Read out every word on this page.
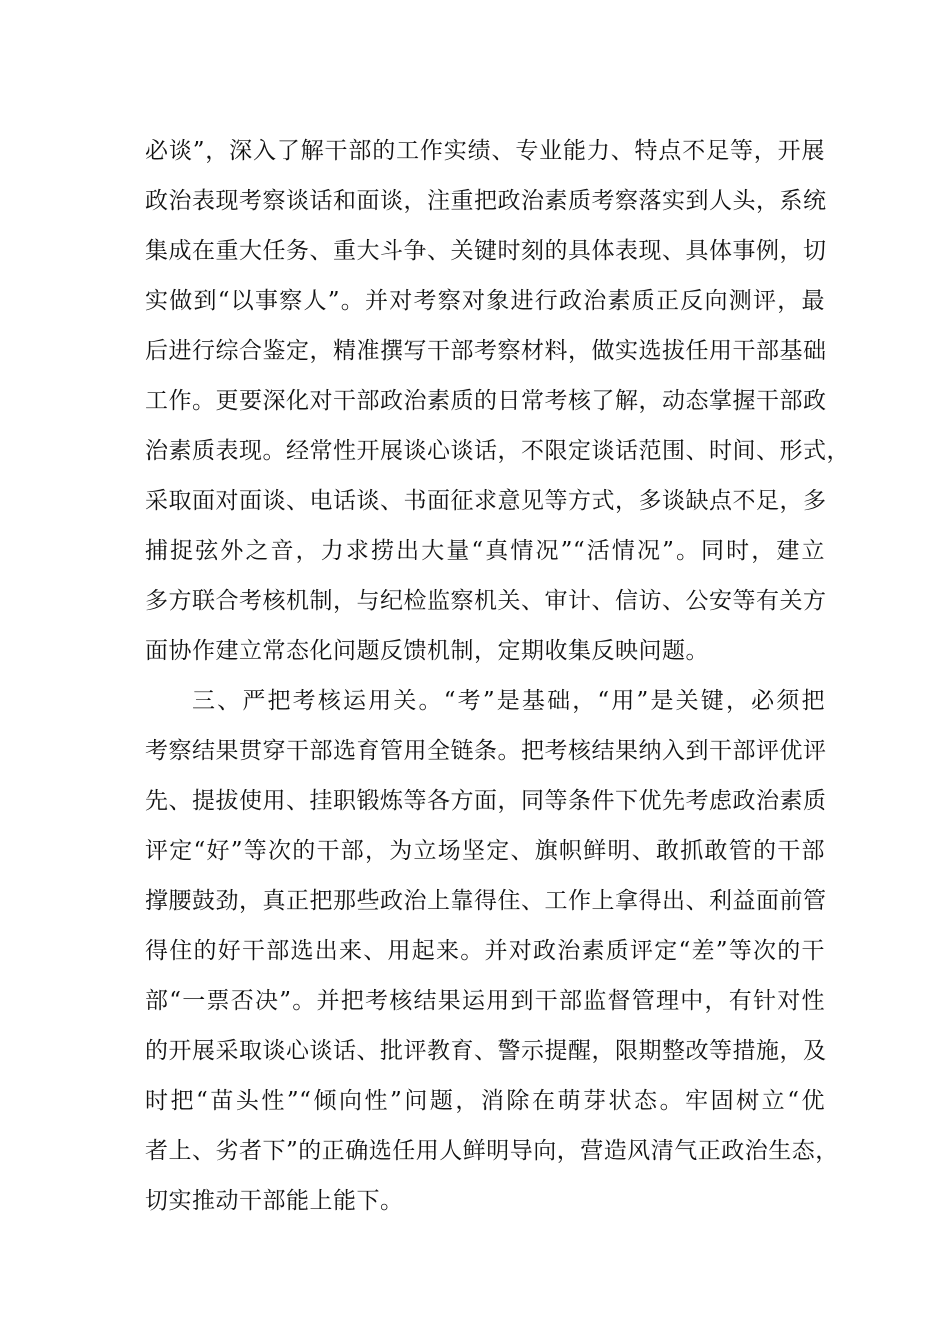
必谈”，深入了解干部的工作实绩、专业能力、特点不足等，开展
政治表现考察谈话和面谈，注重把政治素质考察落实到人头，系统
集成在重大任务、重大斗争、关键时刻的具体表现、具体事例，切
实做到“以事察人”。并对考察对象进行政治素质正反向测评，最
后进行综合鉴定，精准撰写干部考察材料，做实选拔任用干部基础
工作。更要深化对干部政治素质的日常考核了解，动态掌握干部政
治素质表现。经常性开展谈心谈话，不限定谈话范围、时间、形式，
采取面对面谈、电话谈、书面征求意见等方式，多谈缺点不足，多
捕捉弦外之音，力求捞出大量“真情况”“活情况”。同时，建立
多方联合考核机制，与纪检监察机关、审计、信访、公安等有关方
面协作建立常态化问题反馈机制，定期收集反映问题。
三、严把考核运用关。“考”是基础，“用”是关键，必须把
考察结果贯穿干部选育管用全链条。把考核结果纳入到干部评优评
先、提拔使用、挂职锻炼等各方面，同等条件下优先考虑政治素质
评定“好”等次的干部，为立场坚定、旗帜鲜明、敢抓敢管的干部
撑腰鼓劲，真正把那些政治上靠得住、工作上拿得出、利益面前管
得住的好干部选出来、用起来。并对政治素质评定“差”等次的干
部“一票否决”。并把考核结果运用到干部监督管理中，有针对性
的开展采取谈心谈话、批评教育、警示提醒，限期整改等措施，及
时把“苗头性”“倾向性”问题，消除在萌芽状态。牢固树立“优
者上、劣者下”的正确选任用人鲜明导向，营造风清气正政治生态，
切实推动干部能上能下。
